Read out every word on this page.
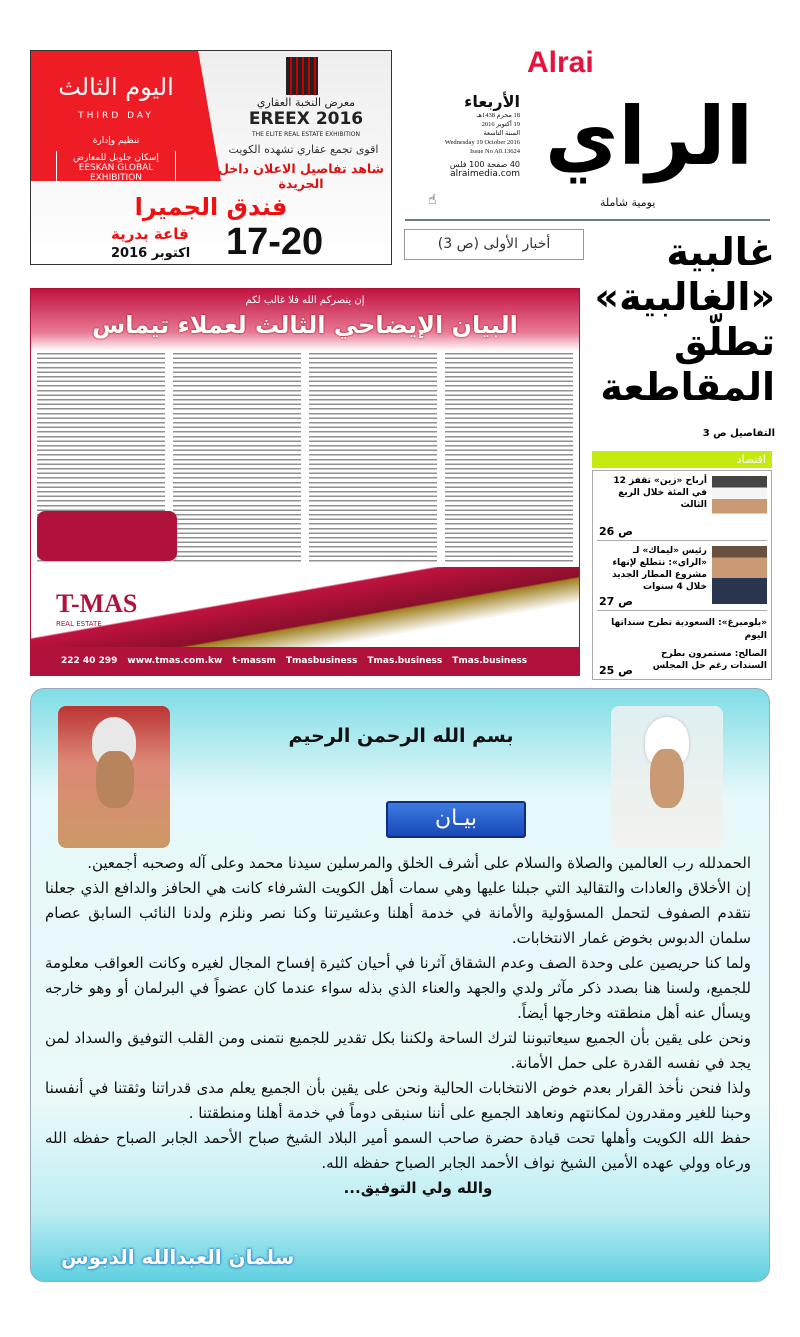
اليوم الثالث
THIRD DAY
تنظيم وإدارة
إسكان جلوبل للمعارض EESKAN GLOBAL EXHIBITION
معرض النخبة العقاري
EREEX 2016
THE ELITE REAL ESTATE EXHIBITION
اقوى تجمع عقاري تشهده الكويت
شاهد تفاصيل الاعلان داخل الجريدة
فندق الجميرا
قاعة بدرية
اكتوبر 2016 17-20
Alrai
الراي
يومية شاملة
الأربعاء
18 محرم 1438هـ
19 أكتوبر 2016
السنة التاسعة
Wednesday 19 October 2016
Issue No A0.13624
40 صفحة 100 فلس
alraimedia.com
☝
أخبار الأولى (ص 3)	غالبية
«الغالبية»
تطلّق
المقاطعة
التفاصيل ص 3
اقتصاد
أرباح «زين» تقفز 12 في المئة خلال الربع الثالث
ص 26
رئيس «ليماك» لـ «الراي»: نتطلع لإنهاء مشروع المطار الجديد خلال 4 سنوات
ص 27
«بلومبرغ»: السعودية تطرح سنداتها اليوم
الصالح: مستمرون بطرح السندات رغم حل المجلس
ص 25
إن ينصركم الله فلا غالب لكم
البيان الإيضاحي الثالث لعملاء تيماس
T-MAS
REAL ESTATE
222 40 299 www.tmas.com.kw t-massm Tmasbusiness Tmas.business Tmas.business
بسم الله الرحمن الرحيم
بيـان

الحمدلله رب العالمين والصلاة والسلام على أشرف الخلق والمرسلين سيدنا محمد وعلى آله وصحبه أجمعين.

إن الأخلاق والعادات والتقاليد التي جبلنا عليها وهي سمات أهل الكويت الشرفاء كانت هي الحافز والدافع الذي جعلنا نتقدم الصفوف لتحمل المسؤولية والأمانة في خدمة أهلنا وعشيرتنا وكنا نصر ونلزم ولدنا النائب السابق عصام سلمان الدبوس بخوض غمار الانتخابات.

ولما كنا حريصين على وحدة الصف وعدم الشقاق آثرنا في أحيان كثيرة إفساح المجال لغيره وكانت العواقب معلومة للجميع، ولسنا هنا بصدد ذكر مآثر ولدي والجهد والعناء الذي بذله سواء عندما كان عضواً في البرلمان أو وهو خارجه ويسأل عنه أهل منطقته وخارجها أيضاً.

ونحن على يقين بأن الجميع سيعاتبوننا لترك الساحة ولكننا بكل تقدير للجميع نتمنى ومن القلب التوفيق والسداد لمن يجد في نفسه القدرة على حمل الأمانة.

ولذا فنحن نأخذ القرار بعدم خوض الانتخابات الحالية ونحن على يقين بأن الجميع يعلم مدى قدراتنا وثقتنا في أنفسنا وحبنا للغير ومقدرون لمكانتهم ونعاهد الجميع على أننا سنبقى دوماً في خدمة أهلنا ومنطقتنا .

حفظ الله الكويت وأهلها تحت قيادة حضرة صاحب السمو أمير البلاد الشيخ صباح الأحمد الجابر الصباح حفظه الله ورعاه وولي عهده الأمين الشيخ نواف الأحمد الجابر الصباح حفظه الله.

والله ولي التوفيق...

سلمان العبدالله الدبوس
